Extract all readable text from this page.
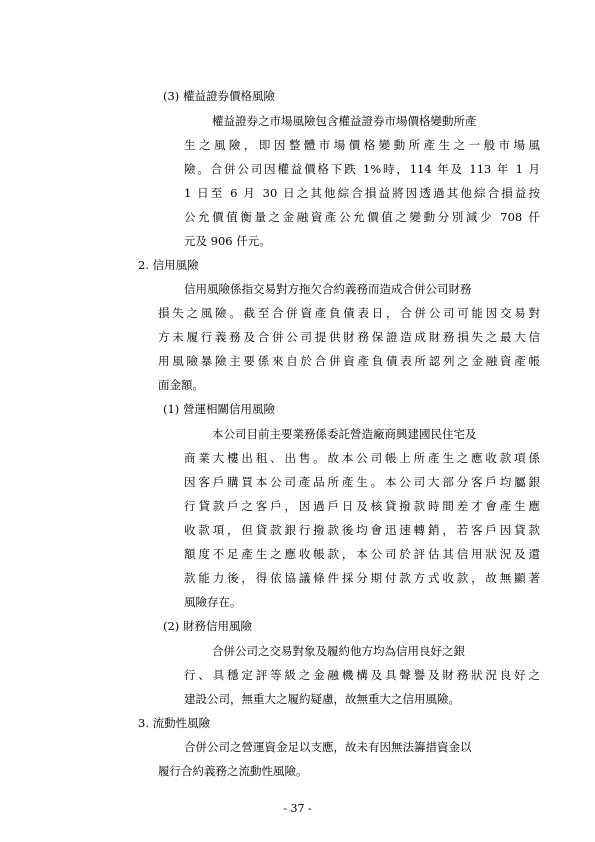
(3) 權益證券價格風險
權益證券之市場風險包含權益證券市場價格變動所產
生之風險，即因整體市場價格變動所產生之一般市場風
險。合併公司因權益價格下跌 1%時，114 年及 113 年 1 月
1 日至 6 月 30 日之其他綜合損益將因透過其他綜合損益按
公允價值衡量之金融資產公允價值之變動分別減少 708 仟
元及 906 仟元。
2. 信用風險
信用風險係指交易對方拖欠合約義務而造成合併公司財務
損失之風險。截至合併資產負債表日，合併公司可能因交易對
方未履行義務及合併公司提供財務保證造成財務損失之最大信
用風險暴險主要係來自於合併資產負債表所認列之金融資產帳
面金額。
(1) 營運相關信用風險
本公司目前主要業務係委託營造廠商興建國民住宅及
商業大樓出租、出售。故本公司帳上所產生之應收款項係
因客戶購買本公司產品所產生。本公司大部分客戶均屬銀
行貸款戶之客戶，因過戶日及核貸撥款時間差才會產生應
收款項，但貸款銀行撥款後均會迅速轉銷，若客戶因貸款
額度不足產生之應收帳款，本公司於評估其信用狀況及還
款能力後，得依協議條件採分期付款方式收款，故無顯著
風險存在。
(2) 財務信用風險
合併公司之交易對象及履約他方均為信用良好之銀
行、具穩定評等級之金融機構及具聲譽及財務狀況良好之
建設公司，無重大之履約疑慮，故無重大之信用風險。
3. 流動性風險
合併公司之營運資金足以支應，故未有因無法籌措資金以
履行合約義務之流動性風險。
- 37 -
